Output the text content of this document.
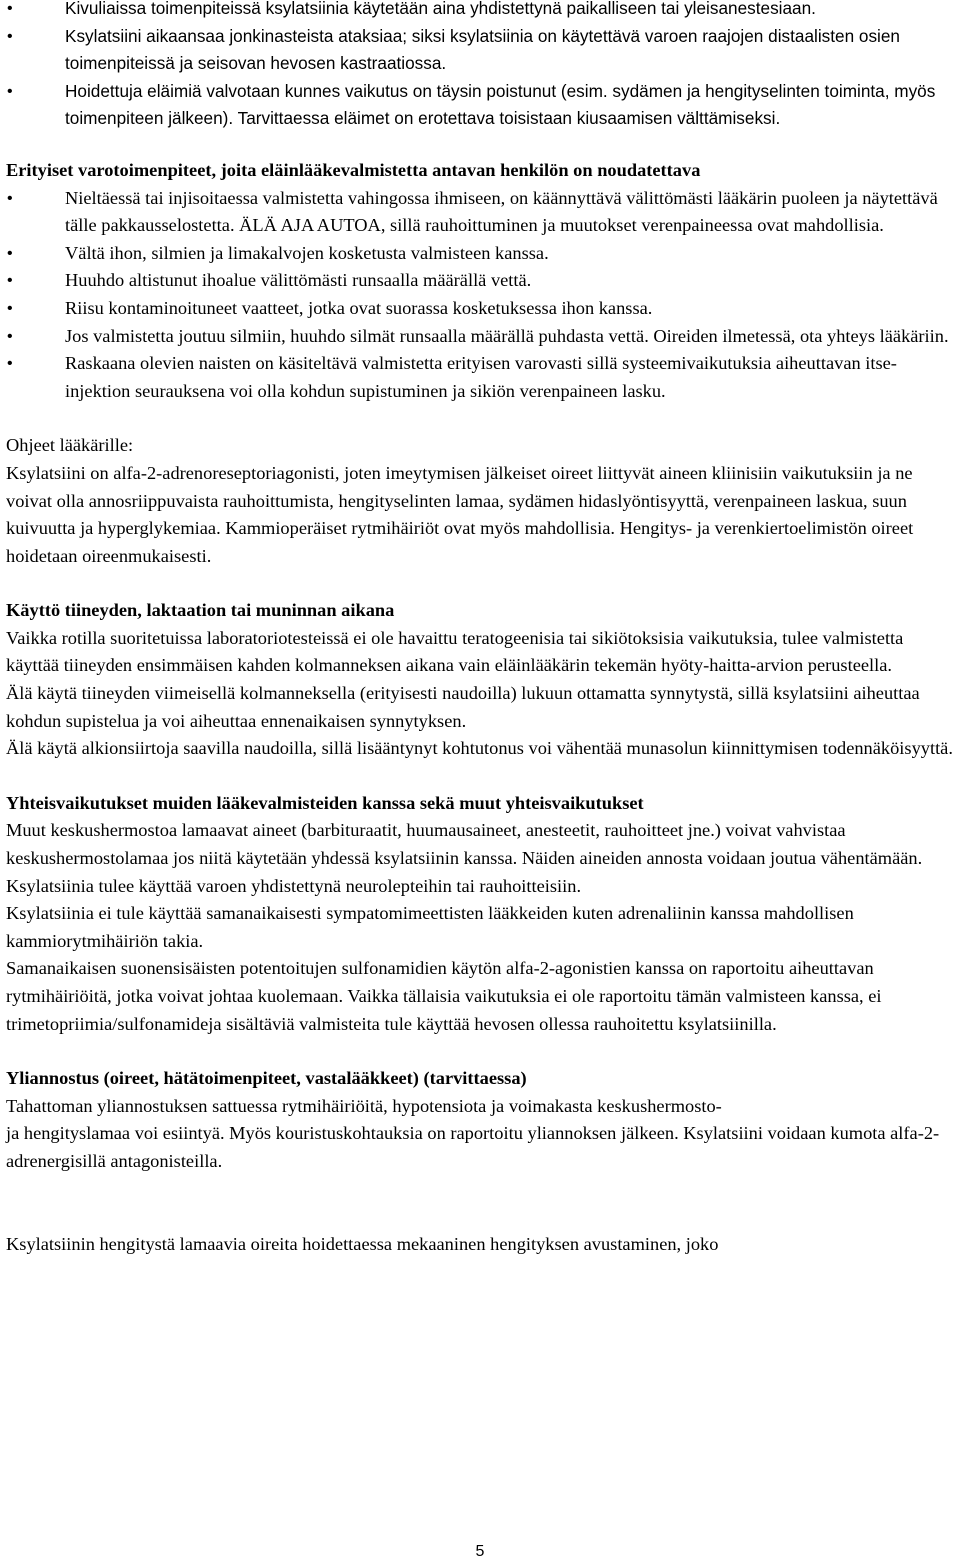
• Kivuliaissa toimenpiteissä ksylatsiinia käytetään aina yhdistettynä paikalliseen tai yleisanestesiaan.
• Ksylatsiini aikaansaa jonkinasteista ataksiaa; siksi ksylatsiinia on käytettävä varoen raajojen distaalisten osien toimenpiteissä ja seisovan hevosen kastraatiossa.
• Hoidettuja eläimiä valvotaan kunnes vaikutus on täysin poistunut (esim. sydämen ja hengityselinten toiminta, myös toimenpiteen jälkeen). Tarvittaessa eläimet on erotettava toisistaan kiusaamisen välttämiseksi.

Erityiset varotoimenpiteet, joita eläinlääkevalmistetta antavan henkilön on noudatettava

• Nieltäessä tai injisoitaessa valmistetta vahingossa ihmiseen, on käännyttävä välittömästi lääkärin puoleen ja näytettävä tälle pakkausselostetta. ÄLÄ AJA AUTOA, sillä rauhoittuminen ja muutokset verenpaineessa ovat mahdollisia.
• Vältä ihon, silmien ja limakalvojen kosketusta valmisteen kanssa.
• Huuhdo altistunut ihoalue välittömästi runsaalla määrällä vettä.
• Riisu kontaminoituneet vaatteet, jotka ovat suorassa kosketuksessa ihon kanssa.
• Jos valmistetta joutuu silmiin, huuhdo silmät runsaalla määrällä puhdasta vettä. Oireiden ilmetessä, ota yhteys lääkäriin.
• Raskaana olevien naisten on käsiteltävä valmistetta erityisen varovasti sillä systeemivaikutuksia aiheuttavan itse-injektion seurauksena voi olla kohdun supistuminen ja sikiön verenpaineen lasku.

Ohjeet lääkärille:

Ksylatsiini on alfa-2-adrenoreseptoriagonisti, joten imeytymisen jälkeiset oireet liittyvät aineen kliinisiin vaikutuksiin ja ne voivat olla annosriippuvaista rauhoittumista, hengityselinten lamaa, sydämen hidaslyöntisyyttä, verenpaineen laskua, suun kuivuutta ja hyperglykemiaa. Kammioperäiset rytmihäiriöt ovat myös mahdollisia. Hengitys- ja verenkiertoelimistön oireet hoidetaan oireenmukaisesti.

Käyttö tiineyden, laktaation tai muninnan aikana

Vaikka rotilla suoritetuissa laboratoriotesteissä ei ole havaittu teratogeenisia tai sikiötoksisia vaikutuksia, tulee valmistetta käyttää tiineyden ensimmäisen kahden kolmanneksen aikana vain eläinlääkärin tekemän hyöty-haitta-arvion perusteella.

Älä käytä tiineyden viimeisellä kolmanneksella (erityisesti naudoilla) lukuun ottamatta synnytystä, sillä ksylatsiini aiheuttaa kohdun supistelua ja voi aiheuttaa ennenaikaisen synnytyksen.

Älä käytä alkionsiirtoja saavilla naudoilla, sillä lisääntynyt kohtutonus voi vähentää munasolun kiinnittymisen todennäköisyyttä.

Yhteisvaikutukset muiden lääkevalmisteiden kanssa sekä muut yhteisvaikutukset

Muut keskushermostoa lamaavat aineet (barbituraatit, huumausaineet, anesteetit, rauhoitteet jne.) voivat vahvistaa keskushermostolamaa jos niitä käytetään yhdessä ksylatsiinin kanssa. Näiden aineiden annosta voidaan joutua vähentämään. Ksylatsiinia tulee käyttää varoen yhdistettynä neurolepteihin tai rauhoitteisiin.

Ksylatsiinia ei tule käyttää samanaikaisesti sympatomimeettisten lääkkeiden kuten adrenaliinin kanssa mahdollisen kammiorytmihäiriön takia.

Samanaikaisen suonensisäisten potentoitujen sulfonamidien käytön alfa-2-agonistien kanssa on raportoitu aiheuttavan rytmihäiriöitä, jotka voivat johtaa kuolemaan. Vaikka tällaisia vaikutuksia ei ole raportoitu tämän valmisteen kanssa, ei trimetopriimia/sulfonamideja sisältäviä valmisteita tule käyttää hevosen ollessa rauhoitettu ksylatsiinilla.

Yliannostus (oireet, hätätoimenpiteet, vastalääkkeet) (tarvittaessa)

Tahattoman yliannostuksen sattuessa rytmihäiriöitä, hypotensiota ja voimakasta keskushermosto-

ja hengityslamaa voi esiintyä. Myös kouristuskohtauksia on raportoitu yliannoksen jälkeen. Ksylatsiini voidaan kumota alfa-2-adrenergisillä antagonisteilla.

Ksylatsiinin hengitystä lamaavia oireita hoidettaessa mekaaninen hengityksen avustaminen, joko

5
